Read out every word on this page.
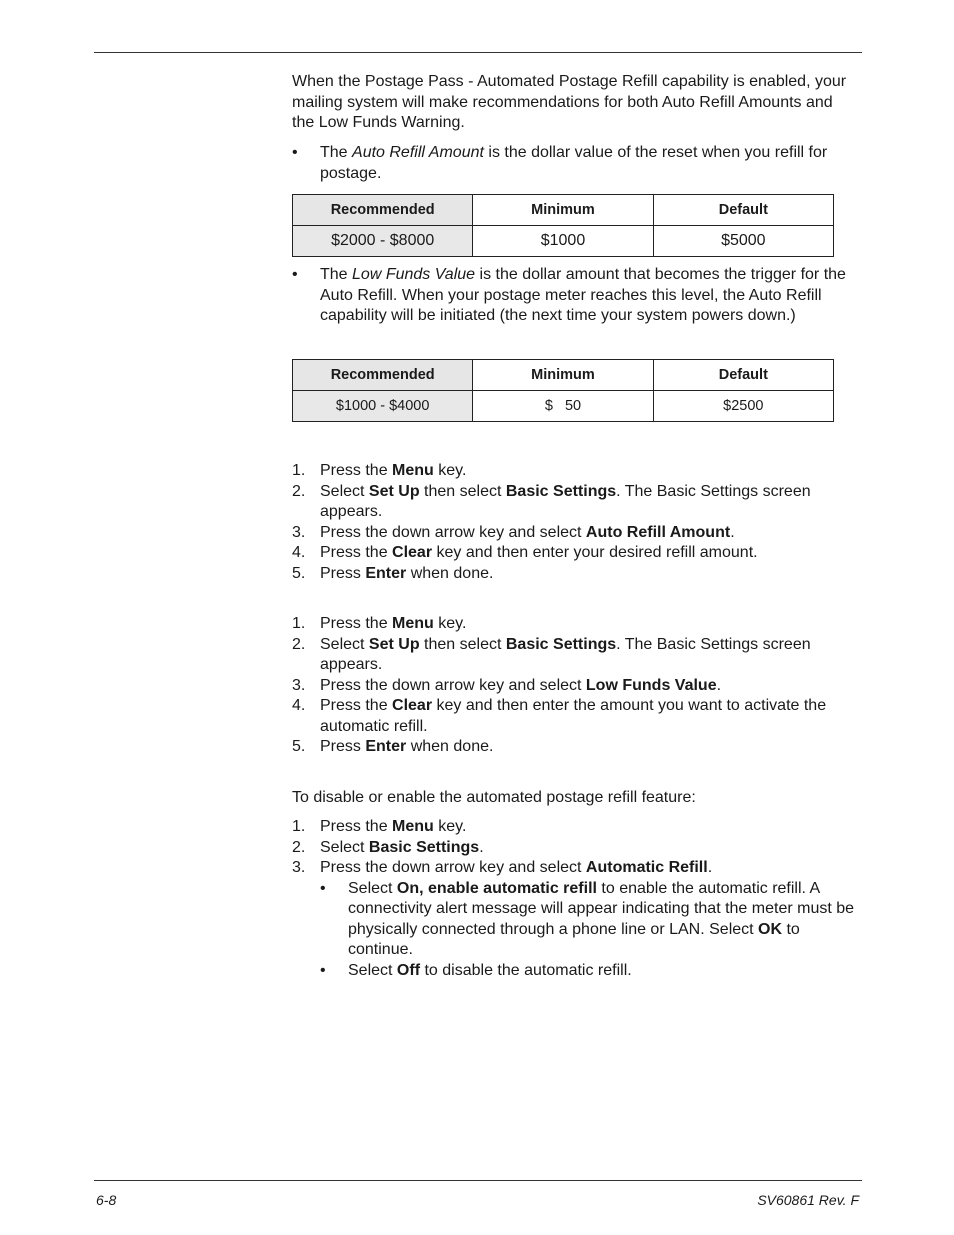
When the Postage Pass - Automated Postage Refill capability is enabled, your mailing system will make recommendations for both Auto Refill Amounts and the Low Funds Warning.

• The Auto Refill Amount is the dollar value of the reset when you refill for postage.
Recommended	Minimum	Default
$2000 - $8000	$1000	$5000
• The Low Funds Value is the dollar amount that becomes the trigger for the Auto Refill. When your postage meter reaches this level, the Auto Refill capability will be initiated (the next time your system powers down.)
Recommended	Minimum	Default
$1000 - $4000	$   50	$2500
1. Press the Menu key.
2. Select Set Up then select Basic Settings. The Basic Settings screen appears.
3. Press the down arrow key and select Auto Refill Amount.
4. Press the Clear key and then enter your desired refill amount.
5. Press Enter when done.
1. Press the Menu key.
2. Select Set Up then select Basic Settings. The Basic Settings screen appears.
3. Press the down arrow key and select Low Funds Value.
4. Press the Clear key and then enter the amount you want to activate the automatic refill.
5. Press Enter when done.

To disable or enable the automated postage refill feature:

1. Press the Menu key.
2. Select Basic Settings.
3. Press the down arrow key and select Automatic Refill.
• Select On, enable automatic refill to enable the automatic refill. A connectivity alert message will appear indicating that the meter must be physically connected through a phone line or LAN. Select OK to continue.
• Select Off to disable the automatic refill.
6-8	SV60861 Rev. F
